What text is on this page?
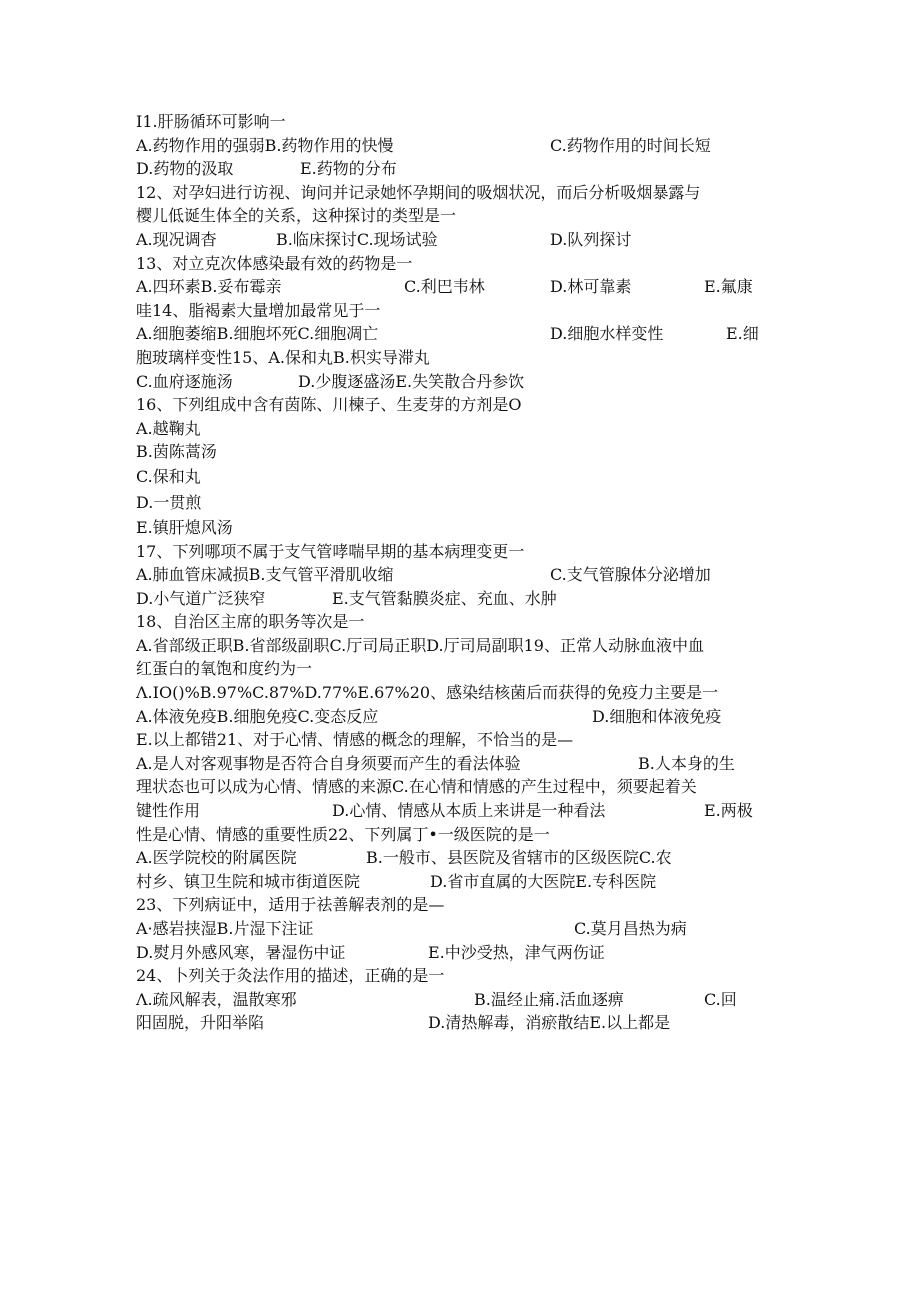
I1.肝肠循环可影响一
A.药物作用的强弱B.药物作用的快慢	C.药物作用的时间长短
D.药物的汲取	E.药物的分布
12、对孕妇进行访视、询问并记录她怀孕期间的吸烟状况，而后分析吸烟暴露与
樱儿低诞生体全的关系，这种探讨的类型是一
A.现况调杳	B.临床探讨C.现场试验	D.队列探讨
13、对立克次体感染最有效的药物是一
A.四环素B.妥布霉亲	C.利巴韦林	D.林可靠素	E.氟康
哇14、脂褐素大量增加最常见于一
A.细胞萎缩B.细胞坏死C.细胞凋亡	D.细胞水样变性	E.细
胞玻璃样变性15、A.保和丸B.枳实导滞丸
C.血府逐施汤	D.少腹逐盛汤E.失笑散合丹参饮
16、下列组成中含有茵陈、川楝子、生麦芽的方剂是O
A.越鞠丸
B.茵陈蒿汤
C.保和丸
D.一贯煎
E.镇肝熄风汤
17、下列哪项不属于支气管哮喘早期的基本病理变更一
A.肺血管床减损B.支气管平滑肌收缩	C.支气管腺体分泌增加
D.小气道广泛狭窄	E.支气管黏膜炎症、充血、水肿
18、自治区主席的职务等次是一
A.省部级正职B.省部级副职C.厅司局正职D.厅司局副职19、正常人动脉血液中血
红蛋白的氧饱和度约为一
Λ.IO()%B.97%C.87%D.77%E.67%20、感染结核菌后而获得的免疫力主要是一
A.体液免疫B.细胞免疫C.变态反应	D.细胞和体液免疫
E.以上都错21、对于心情、情感的概念的理解，不恰当的是—
A.是人对客观事物是否符合自身须要而产生的看法体验	B.人本身的生
理状态也可以成为心情、情感的来源C.在心情和情感的产生过程中，须要起着关
键性作用	D.心情、情感从本质上来讲是一种看法	E.两极
性是心情、情感的重要性质22、下列属丁•一级医院的是一
A.医学院校的附属医院	B.一般市、县医院及省辖市的区级医院C.农
村乡、镇卫生院和城市街道医院	D.省市直属的大医院E.专科医院
23、下列病证中，适用于祛善解表剂的是—
A·感岩挟湿B.片湿下注证	C.莫月昌热为病
D.熨月外感风寒，暑湿伤中证	E.中沙受热，津气两伤证
24、卜列关于灸法作用的描述，正确的是一
Λ.疏风解表，温散寒邪	B.温经止痛.活血逐痹	C.回
阳固脱，升阳举陷	D.清热解毒，消瘀散结E.以上都是
